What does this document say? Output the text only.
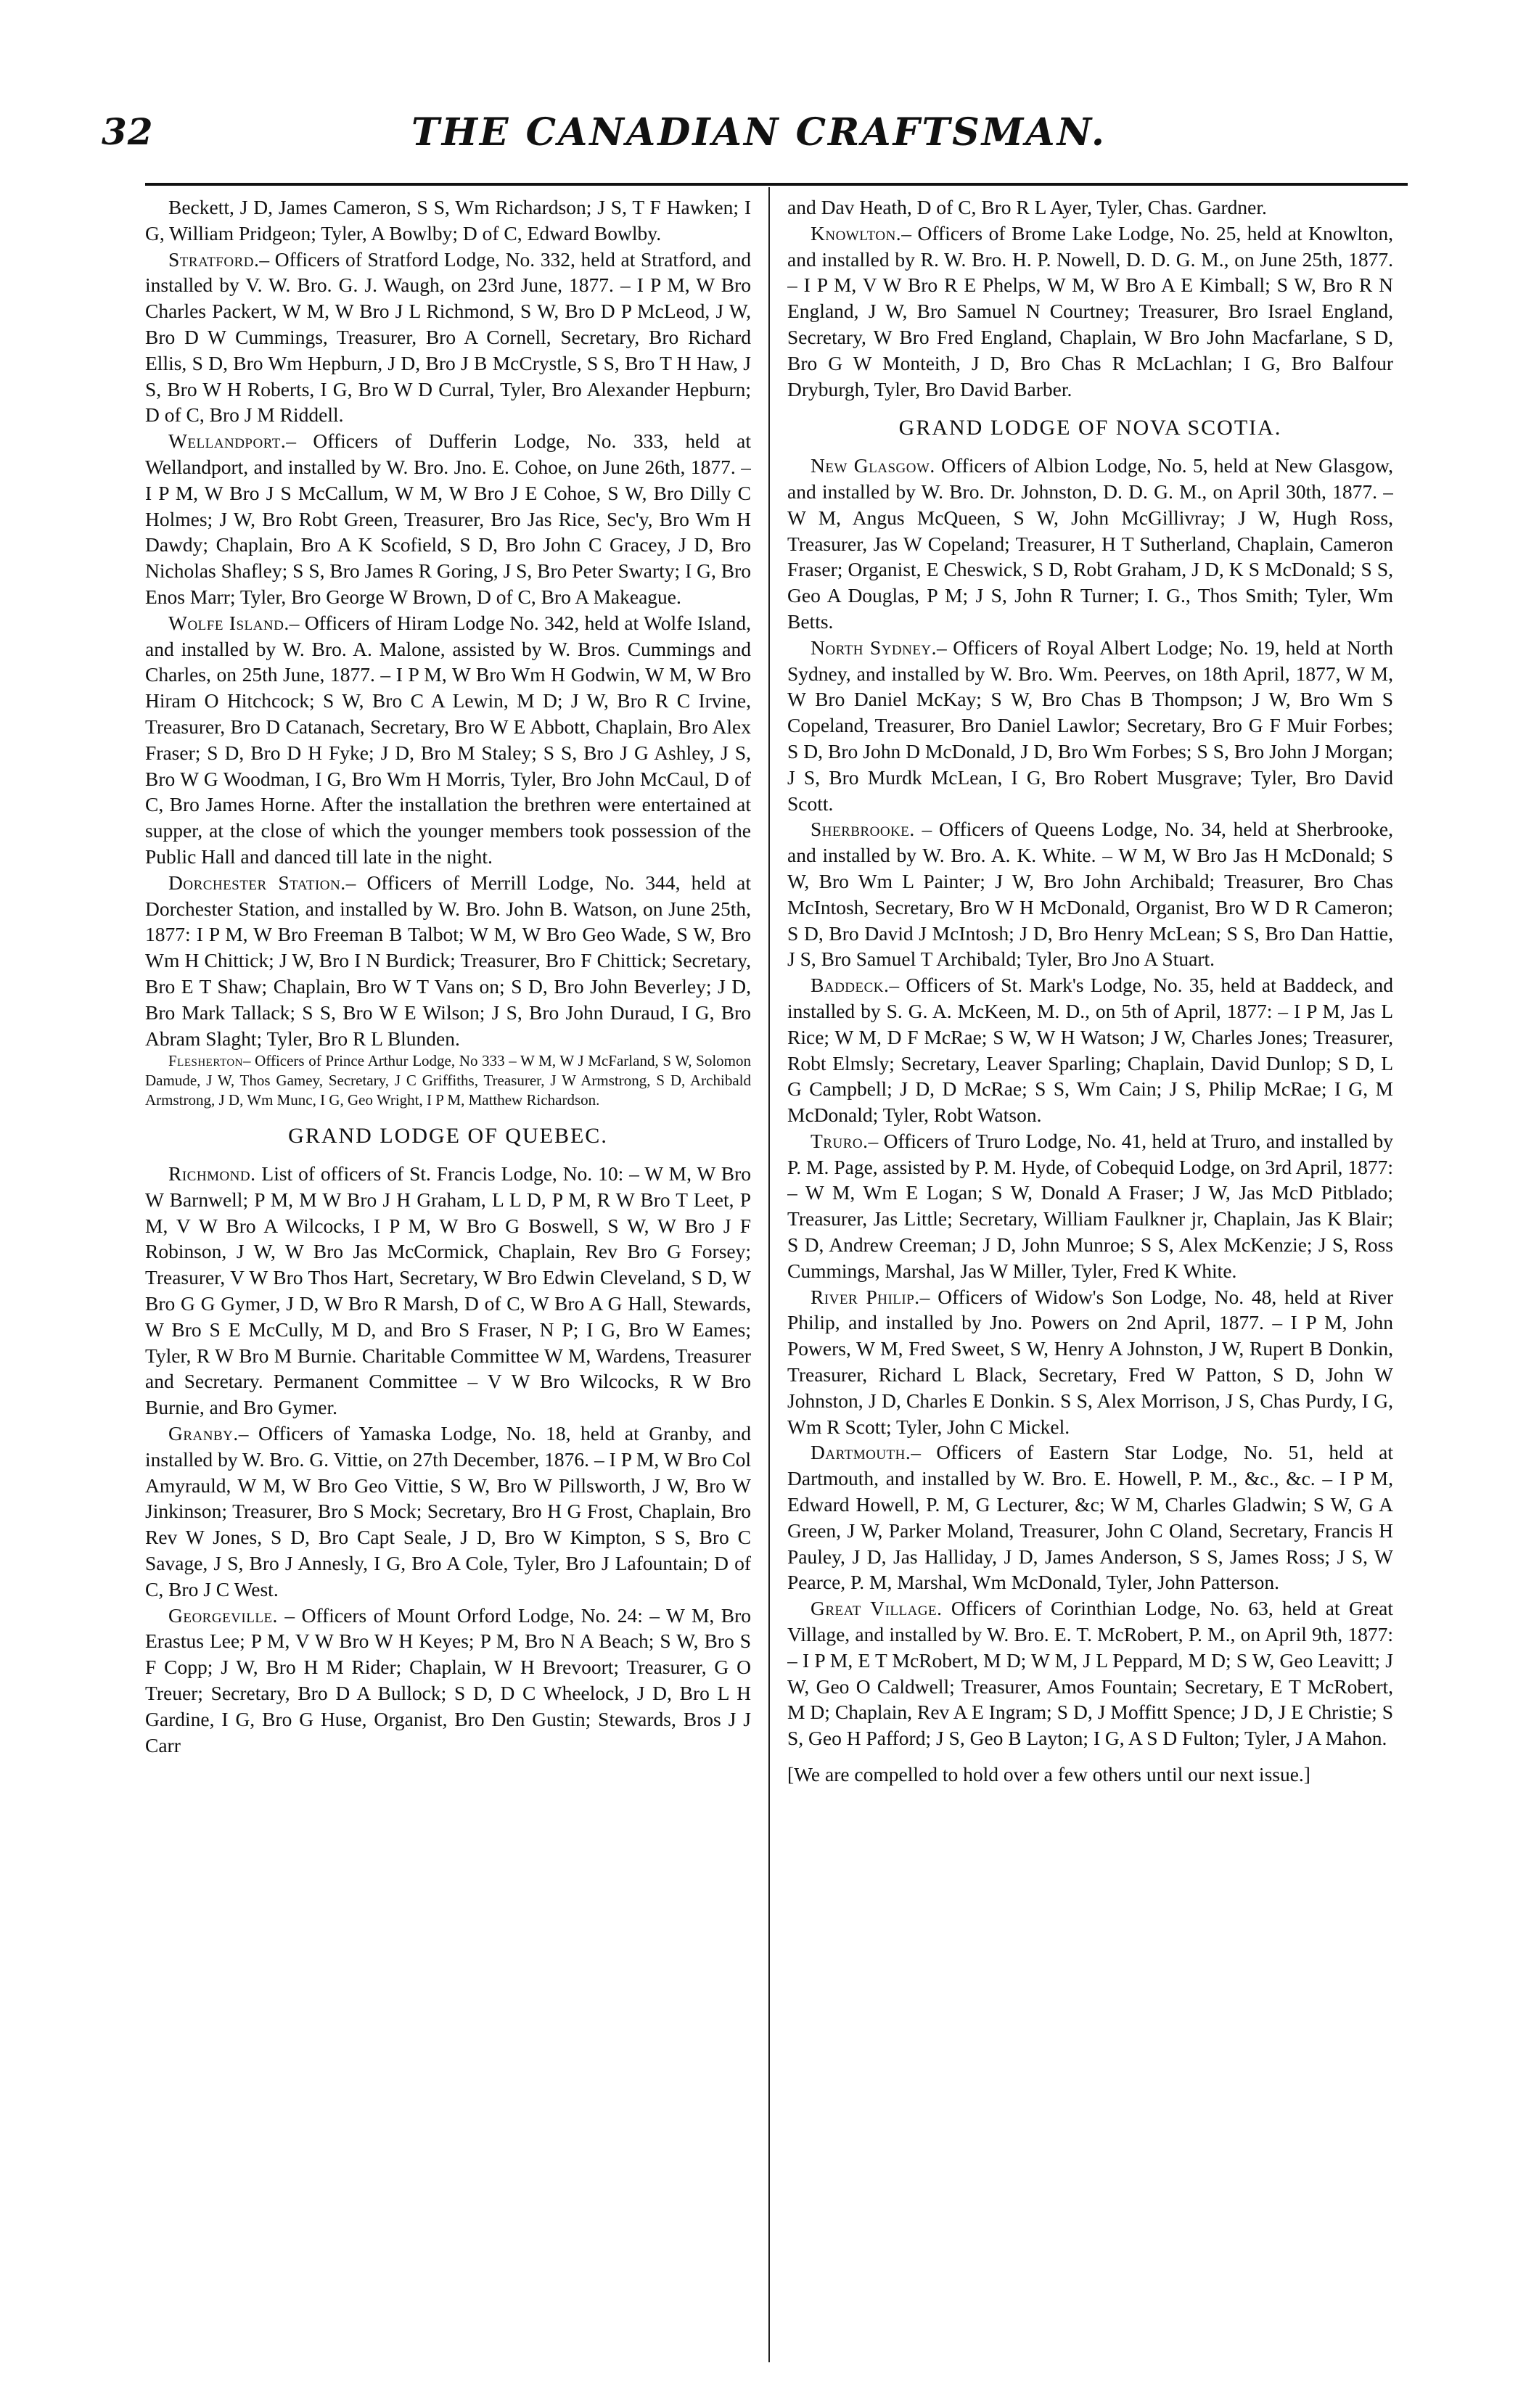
32	THE CANADIAN CRAFTSMAN.

Beckett, J D, James Cameron, S S, Wm Richardson; J S, T F Hawken; I G, William Pridgeon; Tyler, A Bowlby; D of C, Edward Bowlby.

Stratford.– Officers of Stratford Lodge, No. 332, held at Stratford, and installed by V. W. Bro. G. J. Waugh, on 23rd June, 1877. – I P M, W Bro Charles Packert, W M, W Bro J L Richmond, S W, Bro D P McLeod, J W, Bro D W Cummings, Treasurer, Bro A Cornell, Secretary, Bro Richard Ellis, S D, Bro Wm Hepburn, J D, Bro J B McCrystle, S S, Bro T H Haw, J S, Bro W H Roberts, I G, Bro W D Curral, Tyler, Bro Alexander Hepburn; D of C, Bro J M Riddell.

Wellandport.– Officers of Dufferin Lodge, No. 333, held at Wellandport, and installed by W. Bro. Jno. E. Cohoe, on June 26th, 1877. – I P M, W Bro J S McCallum, W M, W Bro J E Cohoe, S W, Bro Dilly C Holmes; J W, Bro Robt Green, Treasurer, Bro Jas Rice, Sec'y, Bro Wm H Dawdy; Chaplain, Bro A K Scofield, S D, Bro John C Gracey, J D, Bro Nicholas Shafley; S S, Bro James R Goring, J S, Bro Peter Swarty; I G, Bro Enos Marr; Tyler, Bro George W Brown, D of C, Bro A Makeague.

Wolfe Island.– Officers of Hiram Lodge No. 342, held at Wolfe Island, and installed by W. Bro. A. Malone, assisted by W. Bros. Cummings and Charles, on 25th June, 1877. – I P M, W Bro Wm H Godwin, W M, W Bro Hiram O Hitchcock; S W, Bro C A Lewin, M D; J W, Bro R C Irvine, Treasurer, Bro D Catanach, Secretary, Bro W E Abbott, Chaplain, Bro Alex Fraser; S D, Bro D H Fyke; J D, Bro M Staley; S S, Bro J G Ashley, J S, Bro W G Woodman, I G, Bro Wm H Morris, Tyler, Bro John McCaul, D of C, Bro James Horne. After the installation the brethren were entertained at supper, at the close of which the younger members took possession of the Public Hall and danced till late in the night.

Dorchester Station.– Officers of Merrill Lodge, No. 344, held at Dorchester Station, and installed by W. Bro. John B. Watson, on June 25th, 1877: I P M, W Bro Freeman B Talbot; W M, W Bro Geo Wade, S W, Bro Wm H Chittick; J W, Bro I N Burdick; Treasurer, Bro F Chittick; Secretary, Bro E T Shaw; Chaplain, Bro W T Vans on; S D, Bro John Beverley; J D, Bro Mark Tallack; S S, Bro W E Wilson; J S, Bro John Duraud, I G, Bro Abram Slaght; Tyler, Bro R L Blunden.

Flesherton– Officers of Prince Arthur Lodge, No 333 – W M, W J McFarland, S W, Solomon Damude, J W, Thos Gamey, Secretary, J C Griffiths, Treasurer, J W Armstrong, S D, Archibald Armstrong, J D, Wm Munc, I G, Geo Wright, I P M, Matthew Richardson.

GRAND LODGE OF QUEBEC.

Richmond. List of officers of St. Francis Lodge, No. 10: – W M, W Bro W Barnwell; P M, M W Bro J H Graham, L L D, P M, R W Bro T Leet, P M, V W Bro A Wilcocks, I P M, W Bro G Boswell, S W, W Bro J F Robinson, J W, W Bro Jas McCormick, Chaplain, Rev Bro G Forsey; Treasurer, V W Bro Thos Hart, Secretary, W Bro Edwin Cleveland, S D, W Bro G G Gymer, J D, W Bro R Marsh, D of C, W Bro A G Hall, Stewards, W Bro S E McCully, M D, and Bro S Fraser, N P; I G, Bro W Eames; Tyler, R W Bro M Burnie. Charitable Committee W M, Wardens, Treasurer and Secretary. Permanent Committee – V W Bro Wilcocks, R W Bro Burnie, and Bro Gymer.

Granby.– Officers of Yamaska Lodge, No. 18, held at Granby, and installed by W. Bro. G. Vittie, on 27th December, 1876. – I P M, W Bro Col Amyrauld, W M, W Bro Geo Vittie, S W, Bro W Pillsworth, J W, Bro W Jinkinson; Treasurer, Bro S Mock; Secretary, Bro H G Frost, Chaplain, Bro Rev W Jones, S D, Bro Capt Seale, J D, Bro W Kimpton, S S, Bro C Savage, J S, Bro J Annesly, I G, Bro A Cole, Tyler, Bro J Lafountain; D of C, Bro J C West.

Georgeville. – Officers of Mount Orford Lodge, No. 24: – W M, Bro Erastus Lee; P M, V W Bro W H Keyes; P M, Bro N A Beach; S W, Bro S F Copp; J W, Bro H M Rider; Chaplain, W H Brevoort; Treasurer, G O Treuer; Secretary, Bro D A Bullock; S D, D C Wheelock, J D, Bro L H Gardine, I G, Bro G Huse, Organist, Bro Den Gustin; Stewards, Bros J J Carr

and Dav Heath, D of C, Bro R L Ayer, Tyler, Chas. Gardner.

Knowlton.– Officers of Brome Lake Lodge, No. 25, held at Knowlton, and installed by R. W. Bro. H. P. Nowell, D. D. G. M., on June 25th, 1877. – I P M, V W Bro R E Phelps, W M, W Bro A E Kimball; S W, Bro R N England, J W, Bro Samuel N Courtney; Treasurer, Bro Israel England, Secretary, W Bro Fred England, Chaplain, W Bro John Macfarlane, S D, Bro G W Monteith, J D, Bro Chas R McLachlan; I G, Bro Balfour Dryburgh, Tyler, Bro David Barber.

GRAND LODGE OF NOVA SCOTIA.

New Glasgow. Officers of Albion Lodge, No. 5, held at New Glasgow, and installed by W. Bro. Dr. Johnston, D. D. G. M., on April 30th, 1877. – W M, Angus McQueen, S W, John McGillivray; J W, Hugh Ross, Treasurer, Jas W Copeland; Treasurer, H T Sutherland, Chaplain, Cameron Fraser; Organist, E Cheswick, S D, Robt Graham, J D, K S McDonald; S S, Geo A Douglas, P M; J S, John R Turner; I. G., Thos Smith; Tyler, Wm Betts.

North Sydney.– Officers of Royal Albert Lodge; No. 19, held at North Sydney, and installed by W. Bro. Wm. Peerves, on 18th April, 1877, W M, W Bro Daniel McKay; S W, Bro Chas B Thompson; J W, Bro Wm S Copeland, Treasurer, Bro Daniel Lawlor; Secretary, Bro G F Muir Forbes; S D, Bro John D McDonald, J D, Bro Wm Forbes; S S, Bro John J Morgan; J S, Bro Murdk McLean, I G, Bro Robert Musgrave; Tyler, Bro David Scott.

Sherbrooke. – Officers of Queens Lodge, No. 34, held at Sherbrooke, and installed by W. Bro. A. K. White. – W M, W Bro Jas H McDonald; S W, Bro Wm L Painter; J W, Bro John Archibald; Treasurer, Bro Chas McIntosh, Secretary, Bro W H McDonald, Organist, Bro W D R Cameron; S D, Bro David J McIntosh; J D, Bro Henry McLean; S S, Bro Dan Hattie, J S, Bro Samuel T Archibald; Tyler, Bro Jno A Stuart.

Baddeck.– Officers of St. Mark's Lodge, No. 35, held at Baddeck, and installed by S. G. A. McKeen, M. D., on 5th of April, 1877: – I P M, Jas L Rice; W M, D F McRae; S W, W H Watson; J W, Charles Jones; Treasurer, Robt Elmsly; Secretary, Leaver Sparling; Chaplain, David Dunlop; S D, L G Campbell; J D, D McRae; S S, Wm Cain; J S, Philip McRae; I G, M McDonald; Tyler, Robt Watson.

Truro.– Officers of Truro Lodge, No. 41, held at Truro, and installed by P. M. Page, assisted by P. M. Hyde, of Cobequid Lodge, on 3rd April, 1877: – W M, Wm E Logan; S W, Donald A Fraser; J W, Jas McD Pitblado; Treasurer, Jas Little; Secretary, William Faulkner jr, Chaplain, Jas K Blair; S D, Andrew Creeman; J D, John Munroe; S S, Alex McKenzie; J S, Ross Cummings, Marshal, Jas W Miller, Tyler, Fred K White.

River Philip.– Officers of Widow's Son Lodge, No. 48, held at River Philip, and installed by Jno. Powers on 2nd April, 1877. – I P M, John Powers, W M, Fred Sweet, S W, Henry A Johnston, J W, Rupert B Donkin, Treasurer, Richard L Black, Secretary, Fred W Patton, S D, John W Johnston, J D, Charles E Donkin. S S, Alex Morrison, J S, Chas Purdy, I G, Wm R Scott; Tyler, John C Mickel.

Dartmouth.– Officers of Eastern Star Lodge, No. 51, held at Dartmouth, and installed by W. Bro. E. Howell, P. M., &c., &c. – I P M, Edward Howell, P. M, G Lecturer, &c; W M, Charles Gladwin; S W, G A Green, J W, Parker Moland, Treasurer, John C Oland, Secretary, Francis H Pauley, J D, Jas Halliday, J D, James Anderson, S S, James Ross; J S, W Pearce, P. M, Marshal, Wm McDonald, Tyler, John Patterson.

Great Village. Officers of Corinthian Lodge, No. 63, held at Great Village, and installed by W. Bro. E. T. McRobert, P. M., on April 9th, 1877: – I P M, E T McRobert, M D; W M, J L Peppard, M D; S W, Geo Leavitt; J W, Geo O Caldwell; Treasurer, Amos Fountain; Secretary, E T McRobert, M D; Chaplain, Rev A E Ingram; S D, J Moffitt Spence; J D, J E Christie; S S, Geo H Pafford; J S, Geo B Layton; I G, A S D Fulton; Tyler, J A Mahon.

[We are compelled to hold over a few others until our next issue.]
